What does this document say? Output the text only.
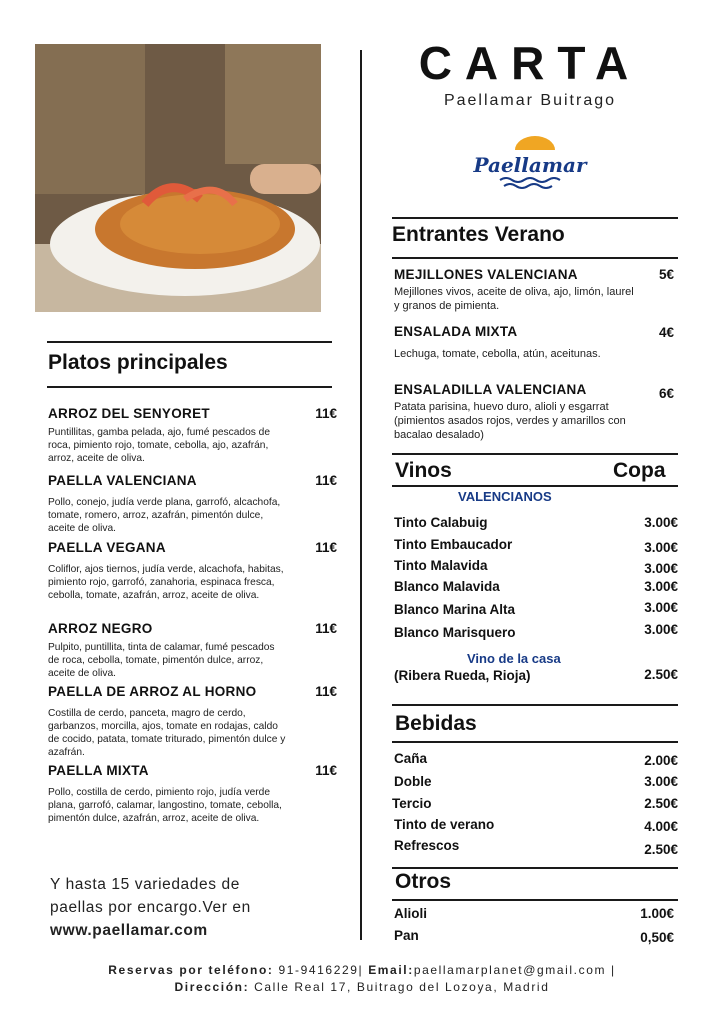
CARTA
Paellamar Buitrago
Paellamar
Platos principales
ARROZ DEL SENYORET	11€
Puntillitas, gamba pelada, ajo, fumé pescados de roca, pimiento rojo, tomate, cebolla, ajo, azafrán, arroz, aceite de oliva.
PAELLA VALENCIANA	11€
Pollo, conejo, judía verde plana, garrofó, alcachofa, tomate, romero, arroz, azafrán, pimentón dulce, aceite de oliva.
PAELLA VEGANA	11€
Coliflor, ajos tiernos, judía verde, alcachofa, habitas, pimiento rojo, garrofó, zanahoria, espinaca fresca, cebolla, tomate, azafrán, arroz, aceite de oliva.
ARROZ NEGRO	11€
Pulpito, puntillita, tinta de calamar, fumé pescados de roca, cebolla, tomate, pimentón dulce, arroz, aceite de oliva.
PAELLA DE ARROZ AL HORNO	11€
Costilla de cerdo, panceta, magro de cerdo, garbanzos, morcilla, ajos, tomate en rodajas, caldo de cocido, patata, tomate triturado, pimentón dulce y azafrán.
PAELLA MIXTA	11€
Pollo, costilla de cerdo, pimiento rojo, judía verde plana, garrofó, calamar, langostino, tomate, cebolla, pimentón dulce, azafrán, arroz, aceite de oliva.
Y hasta 15 variedades de
paellas por encargo.Ver en
www.paellamar.com
Entrantes Verano
MEJILLONES VALENCIANA	5€
Mejillones vivos, aceite de oliva, ajo, limón, laurel y granos de pimienta.
ENSALADA MIXTA	4€
Lechuga, tomate, cebolla, atún, aceitunas.
ENSALADILLA VALENCIANA	6€
Patata parisina, huevo duro, alioli y esgarrat (pimientos asados rojos, verdes y amarillos con bacalao desalado)
Vinos	Copa
VALENCIANOS
Tinto Calabuig	3.00€
Tinto Embaucador	3.00€
Tinto Malavida	3.00€
Blanco Malavida	3.00€
Blanco Marina Alta	3.00€
Blanco Marisquero	3.00€
Vino de la casa
(Ribera Rueda, Rioja)	2.50€
Bebidas
Caña	2.00€
Doble	3.00€
Tercio	2.50€
Tinto de verano	4.00€
Refrescos	2.50€
Otros
Alioli	1.00€
Pan	0,50€
Reservas por teléfono: 91-9416229| Email:paellamarplanet@gmail.com |
Dirección: Calle Real 17, Buitrago del Lozoya, Madrid
